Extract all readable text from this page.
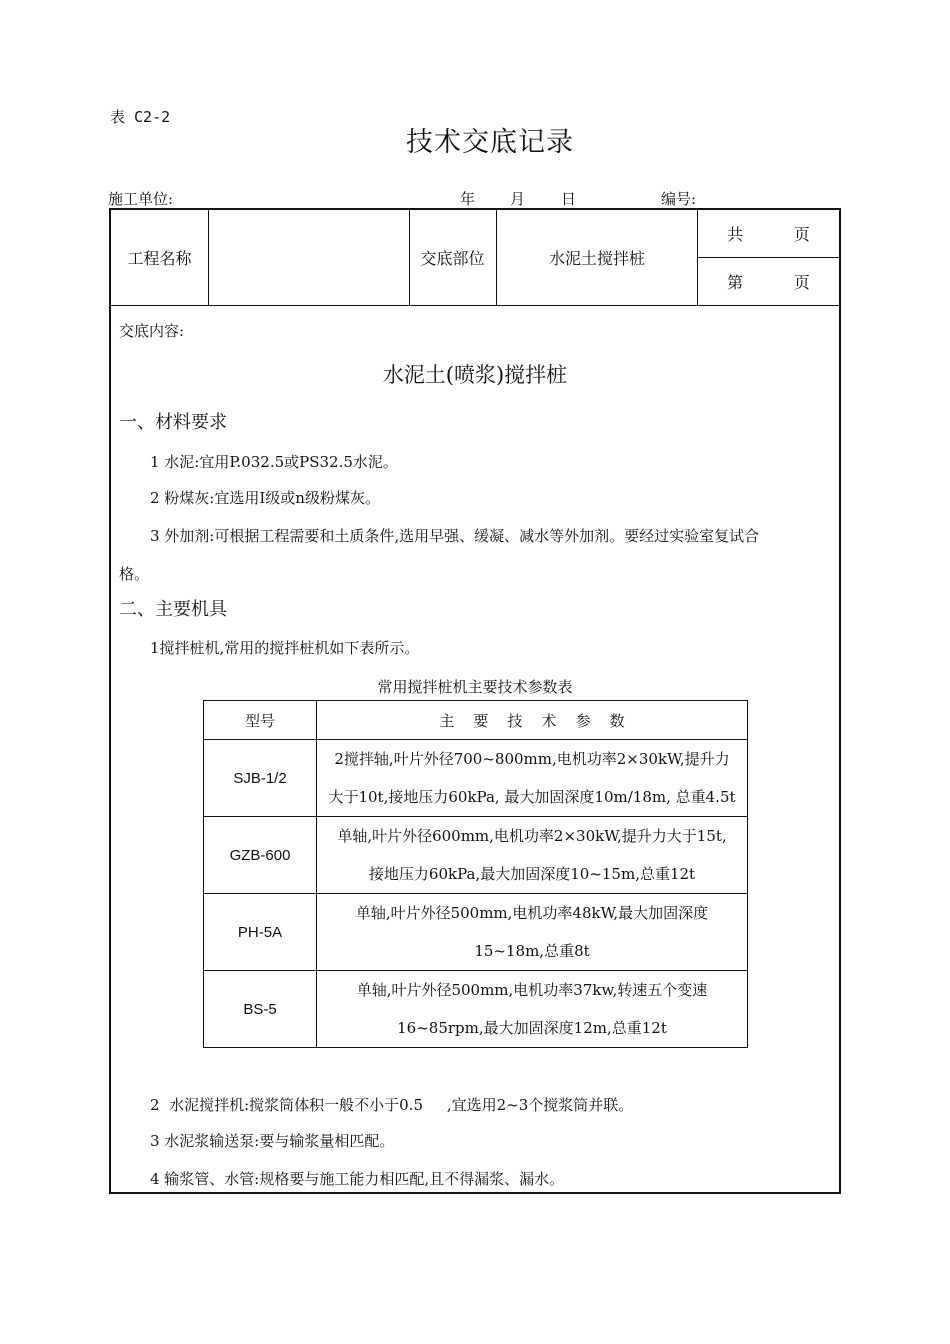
表 C2-2
技术交底记录
施工单位:	年 月 日	编号:
工程名称	交底部位	水泥土搅拌桩
共          页
第          页
交底内容:
水泥土(喷浆)搅拌桩
一、材料要求
1 水泥:宜用P.032.5或PS32.5水泥。
2 粉煤灰:宜选用I级或n级粉煤灰。
3 外加剂:可根据工程需要和土质条件,选用早强、缓凝、减水等外加剂。要经过实验室复试合
格。
二、主要机具
1搅拌桩机,常用的搅拌桩机如下表所示。
常用搅拌桩机主要技术参数表
型号	主    要    技    术    参    数
SJB-1/2	2搅拌轴,叶片外径700~800mm,电机功率2×30kW,提升力
大于10t,接地压力60kPa, 最大加固深度10m/18m, 总重4.5t

GZB-600	单轴,叶片外径600mm,电机功率2×30kW,提升力大于15t,
接地压力60kPa,最大加固深度10~15m,总重12t

PH-5A	单轴,叶片外径500mm,电机功率48kW,最大加固深度
15~18m,总重8t

BS-5	单轴,叶片外径500mm,电机功率37kw,转速五个变速
16~85rpm,最大加固深度12m,总重12t
2  水泥搅拌机:搅浆筒体积一般不小于0.5     ,宜选用2~3个搅浆筒并联。
3 水泥浆输送泵:要与输浆量相匹配。
4 输浆管、水管:规格要与施工能力相匹配,且不得漏浆、漏水。
